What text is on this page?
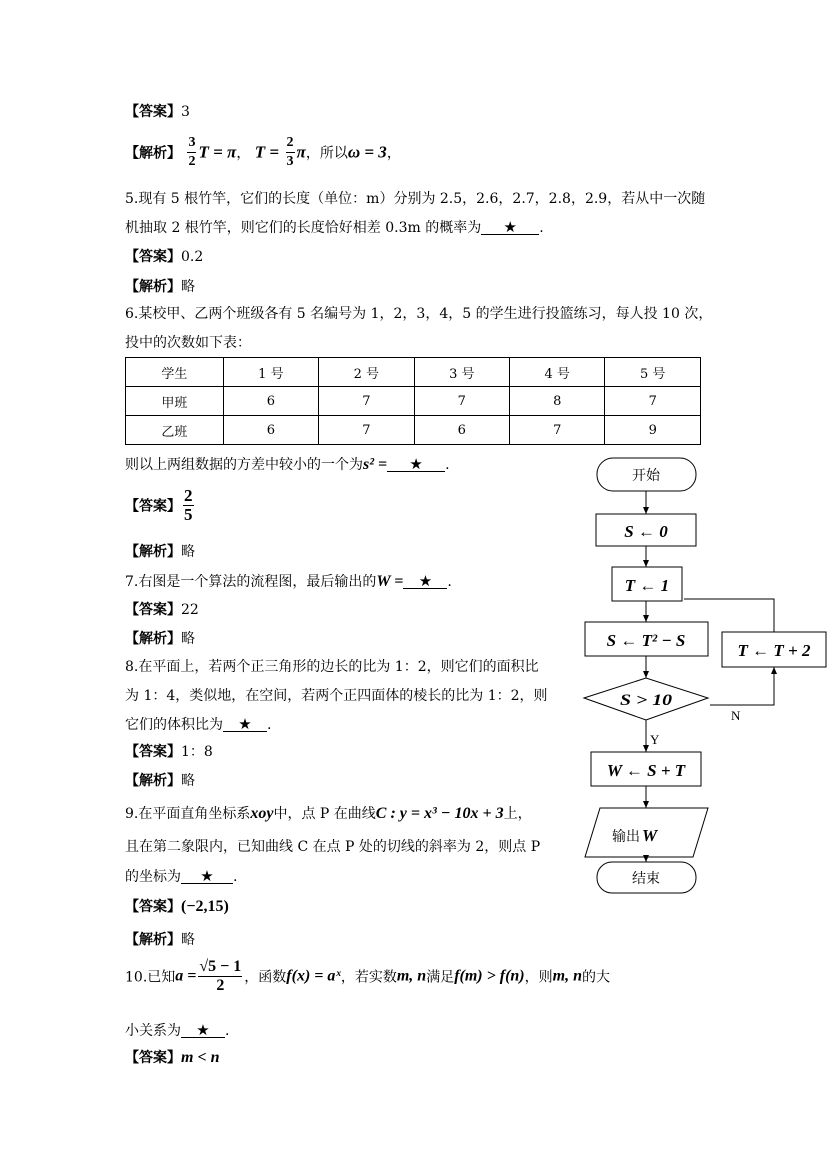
【答案】3
【解析】 $\frac{3}{2}$ T = π， $T = \frac{2}{3}$ π，所以ω = 3，
5.现有 5 根竹竿，它们的长度（单位：m）分别为 2.5，2.6，2.7，2.8，2.9，若从中一次随
机抽取 2 根竹竿，则它们的长度恰好相差 0.3m 的概率为 ★ .
【答案】0.2
【解析】略
6.某校甲、乙两个班级各有 5 名编号为 1，2，3，4，5 的学生进行投篮练习，每人投 10 次，
投中的次数如下表：
学生	1 号	2 号	3 号	4 号	5 号
甲班	6	7	7	8	7
乙班	6	7	6	7	9
则以上两组数据的方差中较小的一个为s² = ★ .
【答案】 $\frac{2}{5}$
【解析】略
7.右图是一个算法的流程图，最后输出的W = ★ .
【答案】22
【解析】略
8.在平面上，若两个正三角形的边长的比为 1：2，则它们的面积比
为 1：4，类似地，在空间，若两个正四面体的棱长的比为 1：2，则
它们的体积比为 ★ .
【答案】1：8
【解析】略
9.在平面直角坐标系xoy中，点 P 在曲线C : y = x³ − 10x + 3上，
且在第二象限内，已知曲线 C 在点 P 处的切线的斜率为 2，则点 P
的坐标为 ★ .
【答案】(−2,15)
【解析】略
10.已知$a = \frac{√5 - 1}{2}$ ，函数f(x) = aˣ，若实数m, n满足f(m) > f(n)，则m, n的大
小关系为 ★ .
【答案】m < n
开始
S ← 0
T ← 1
S ← T² − S
T ← T + 2
S > 10
N
Y
W ← S + T
输出 W
结束
